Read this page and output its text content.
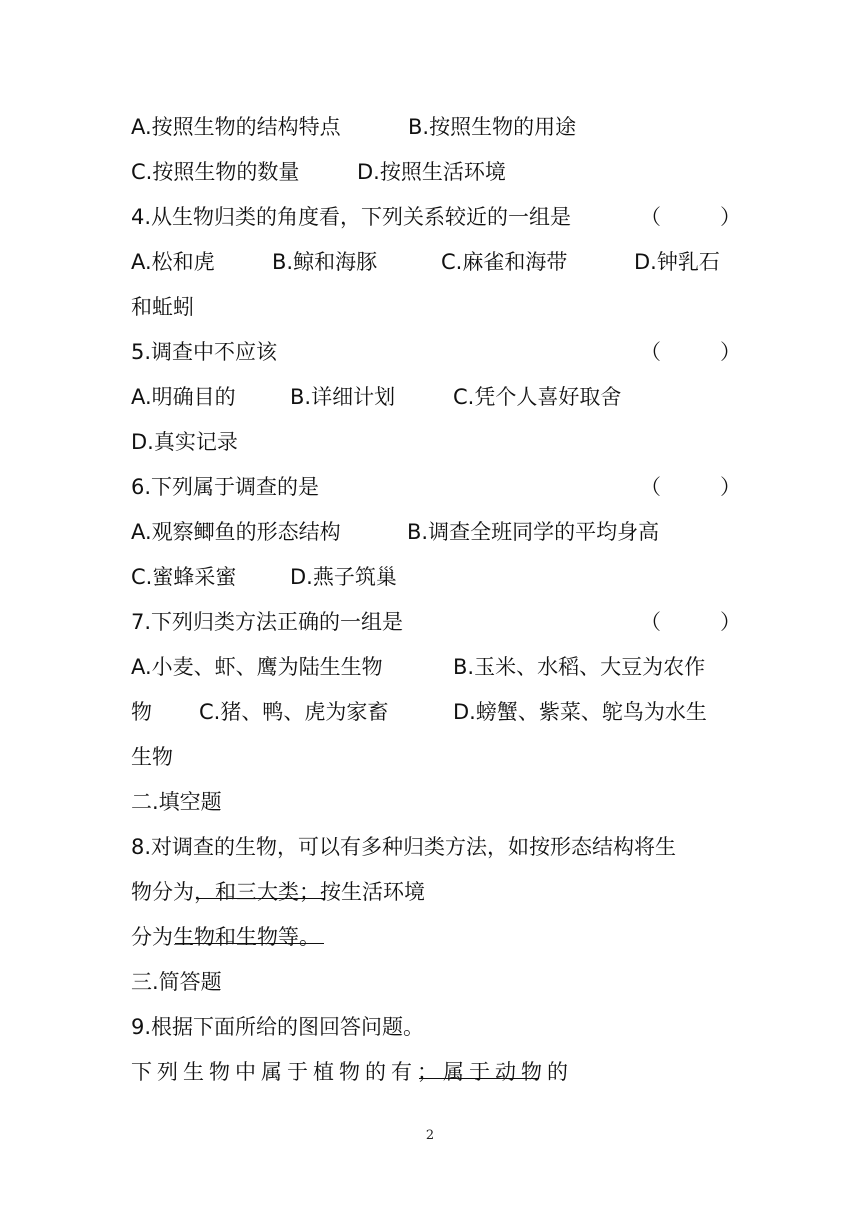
A.按照生物的结构特点	B.按照生物的用途
C.按照生物的数量	D.按照生活环境
4.从生物归类的角度看，下列关系较近的一组是	（	）
A.松和虎	B.鲸和海豚	C.麻雀和海带	D.钟乳石
和蚯蚓
5.调查中不应该	（	）
A.明确目的	B.详细计划	C.凭个人喜好取舍
D.真实记录
6.下列属于调查的是	（	）
A.观察鲫鱼的形态结构	B.调查全班同学的平均身高
C.蜜蜂采蜜	D.燕子筑巢
7.下列归类方法正确的一组是	（	）
A.小麦、虾、鹰为陆生生物	B.玉米、水稻、大豆为农作
物 C.猪、鸭、虎为家畜	D.螃蟹、紫菜、鸵鸟为水生
生物
二.填空题
8.对调查的生物，可以有多种归类方法，如按形态结构将生
物分为
，
和
三大类；按生活环境
分为
生物和
生物等。
三.简答题
9.根据下面所给的图回答问题。
下列生物中属于植物的有
；属于动物的
2
